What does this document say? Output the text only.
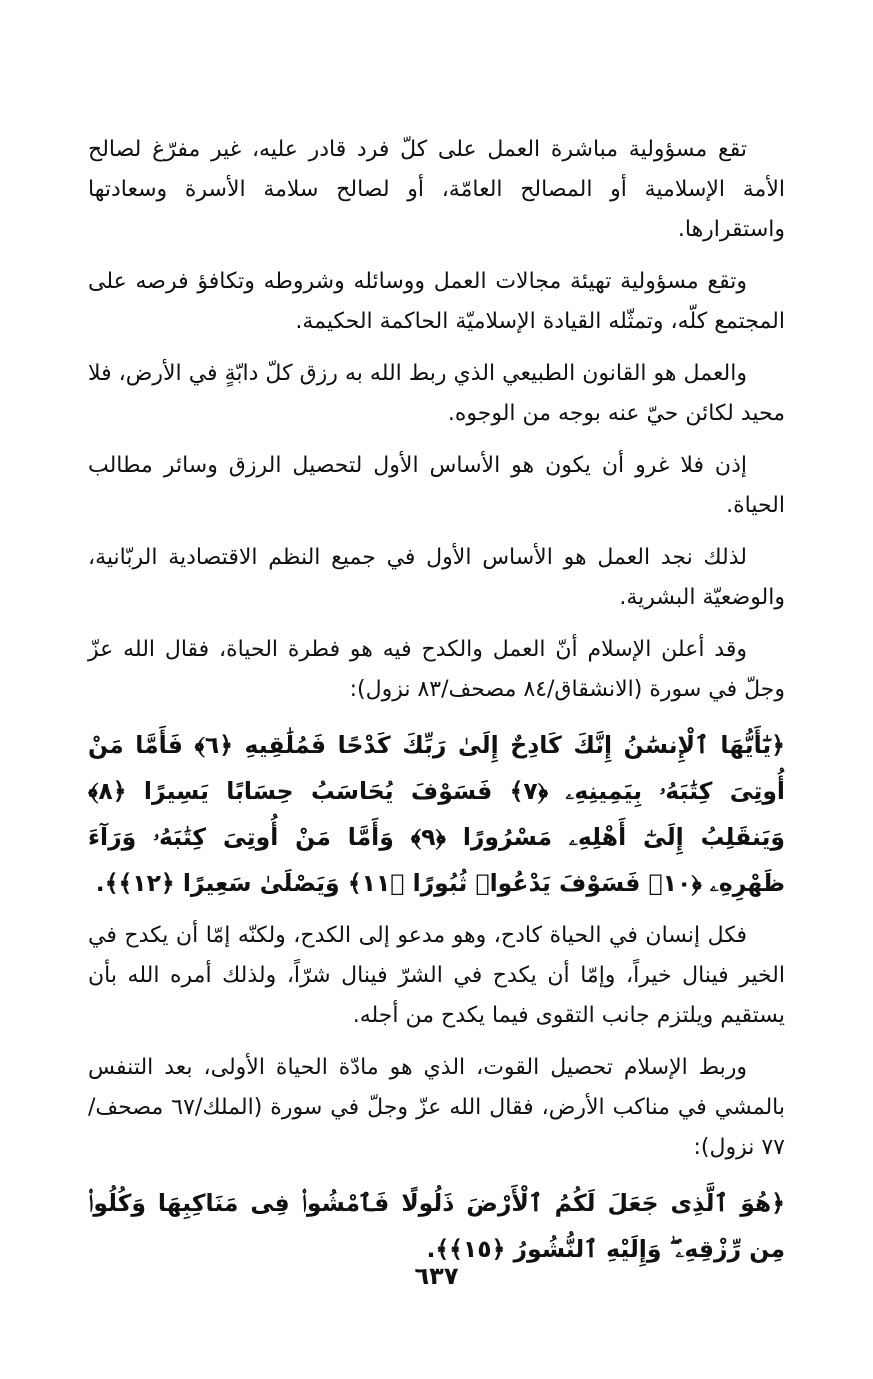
تقع مسؤولية مباشرة العمل على كلّ فرد قادر عليه، غير مفرّغ لصالح الأمة الإسلامية أو المصالح العامّة، أو لصالح سلامة الأسرة وسعادتها واستقرارها.

وتقع مسؤولية تهيئة مجالات العمل ووسائله وشروطه وتكافؤ فرصه على المجتمع كلّه، وتمثّله القيادة الإسلاميّة الحاكمة الحكيمة.

والعمل هو القانون الطبيعي الذي ربط الله به رزق كلّ دابّةٍ في الأرض، فلا محيد لكائن حيّ عنه بوجه من الوجوه.

إذن فلا غرو أن يكون هو الأساس الأول لتحصيل الرزق وسائر مطالب الحياة.

لذلك نجد العمل هو الأساس الأول في جميع النظم الاقتصادية الربّانية، والوضعيّة البشرية.

وقد أعلن الإسلام أنّ العمل والكدح فيه هو فطرة الحياة، فقال الله عزّ وجلّ في سورة (الانشقاق/٨٤ مصحف/٨٣ نزول):

﴿يَٰٓأَيُّهَا ٱلْإِنسَٰنُ إِنَّكَ كَادِحٌ إِلَىٰ رَبِّكَ كَدْحًا فَمُلَٰقِيهِ ﴿٦﴾ فَأَمَّا مَنْ أُوتِىَ كِتَٰبَهُۥ بِيَمِينِهِۦ ﴿٧﴾ فَسَوْفَ يُحَاسَبُ حِسَابًا يَسِيرًا ﴿٨﴾ وَيَنقَلِبُ إِلَىٰٓ أَهْلِهِۦ مَسْرُورًا ﴿٩﴾ وَأَمَّا مَنْ أُوتِىَ كِتَٰبَهُۥ وَرَآءَ ظَهْرِهِۦ ﴿١٠﴾ فَسَوْفَ يَدْعُوا۟ ثُبُورًا ﴿١١﴾ وَيَصْلَىٰ سَعِيرًا ﴿١٢﴾﴾.

فكل إنسان في الحياة كادح، وهو مدعو إلى الكدح، ولكنّه إمّا أن يكدح في الخير فينال خيراً، وإمّا أن يكدح في الشرّ فينال شرّاً، ولذلك أمره الله بأن يستقيم ويلتزم جانب التقوى فيما يكدح من أجله.

وربط الإسلام تحصيل القوت، الذي هو مادّة الحياة الأولى، بعد التنفس بالمشي في مناكب الأرض، فقال الله عزّ وجلّ في سورة (الملك/٦٧ مصحف/٧٧ نزول):

﴿هُوَ ٱلَّذِى جَعَلَ لَكُمُ ٱلْأَرْضَ ذَلُولًا فَٱمْشُوا۟ فِى مَنَاكِبِهَا وَكُلُوا۟ مِن رِّزْقِهِۦ ۖ وَإِلَيْهِ ٱلنُّشُورُ ﴿١٥﴾﴾.

٦٣٧
